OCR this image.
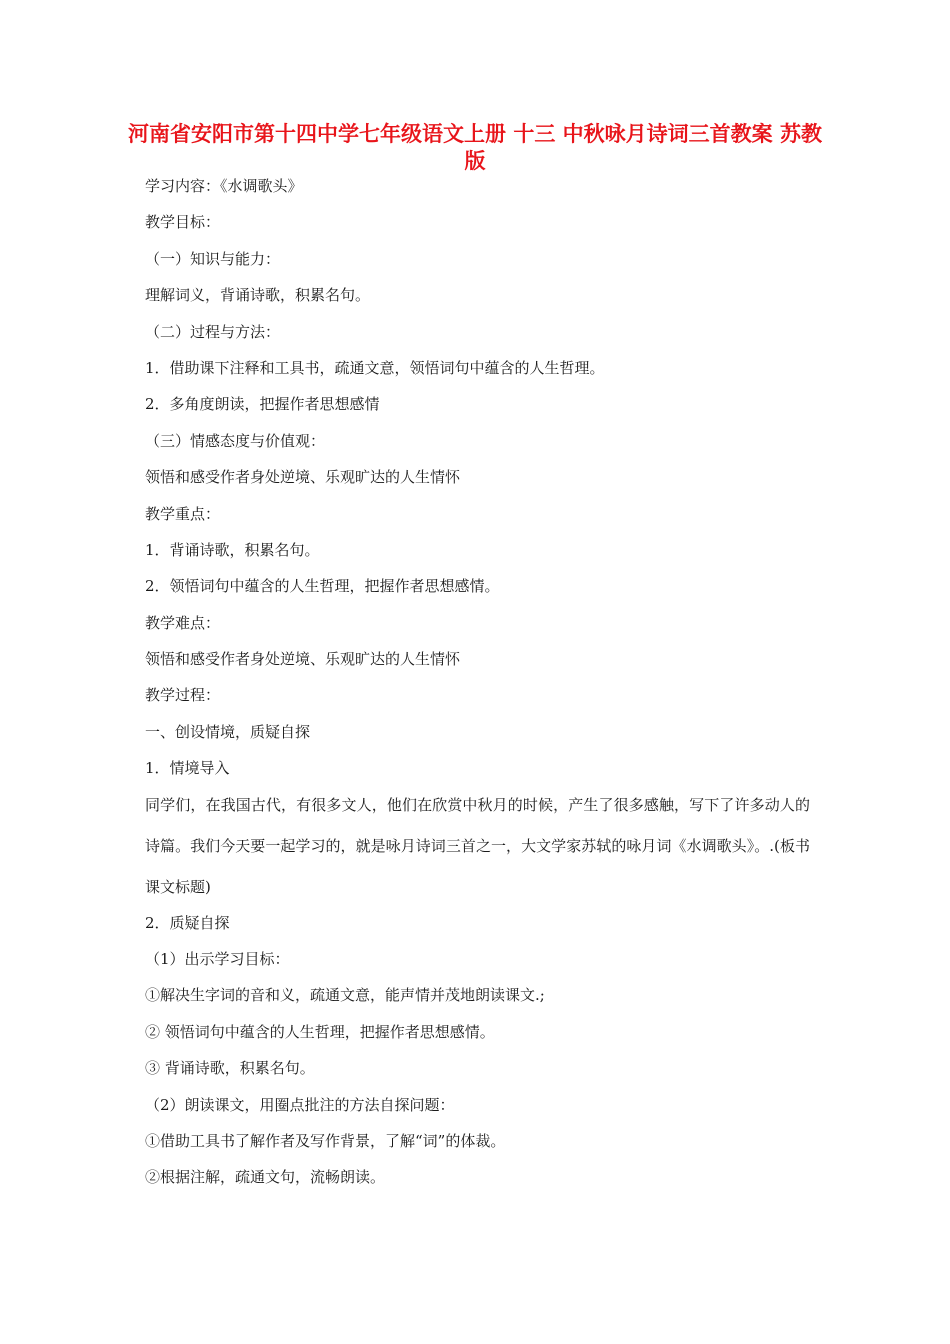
河南省安阳市第十四中学七年级语文上册 十三 中秋咏月诗词三首教案 苏教版
学习内容：《水调歌头》
教学目标：
（一）知识与能力：
理解词义，背诵诗歌，积累名句。
（二）过程与方法：
1．借助课下注释和工具书，疏通文意，领悟词句中蕴含的人生哲理。
2．多角度朗读，把握作者思想感情
（三）情感态度与价值观：
领悟和感受作者身处逆境、乐观旷达的人生情怀
教学重点：
1．背诵诗歌，积累名句。
2．领悟词句中蕴含的人生哲理，把握作者思想感情。
教学难点：
领悟和感受作者身处逆境、乐观旷达的人生情怀
教学过程：
一、创设情境，质疑自探
1．情境导入
同学们，在我国古代，有很多文人，他们在欣赏中秋月的时候，产生了很多感触，写下了许多动人的诗篇。我们今天要一起学习的，就是咏月诗词三首之一，大文学家苏轼的咏月词《水调歌头》。.(板书课文标题)
2．质疑自探
（1）出示学习目标：
①解决生字词的音和义，疏通文意，能声情并茂地朗读课文.;
② 领悟词句中蕴含的人生哲理，把握作者思想感情。
③ 背诵诗歌，积累名句。
（2）朗读课文，用圈点批注的方法自探问题：
①借助工具书了解作者及写作背景，了解“词”的体裁。
②根据注解，疏通文句，流畅朗读。
